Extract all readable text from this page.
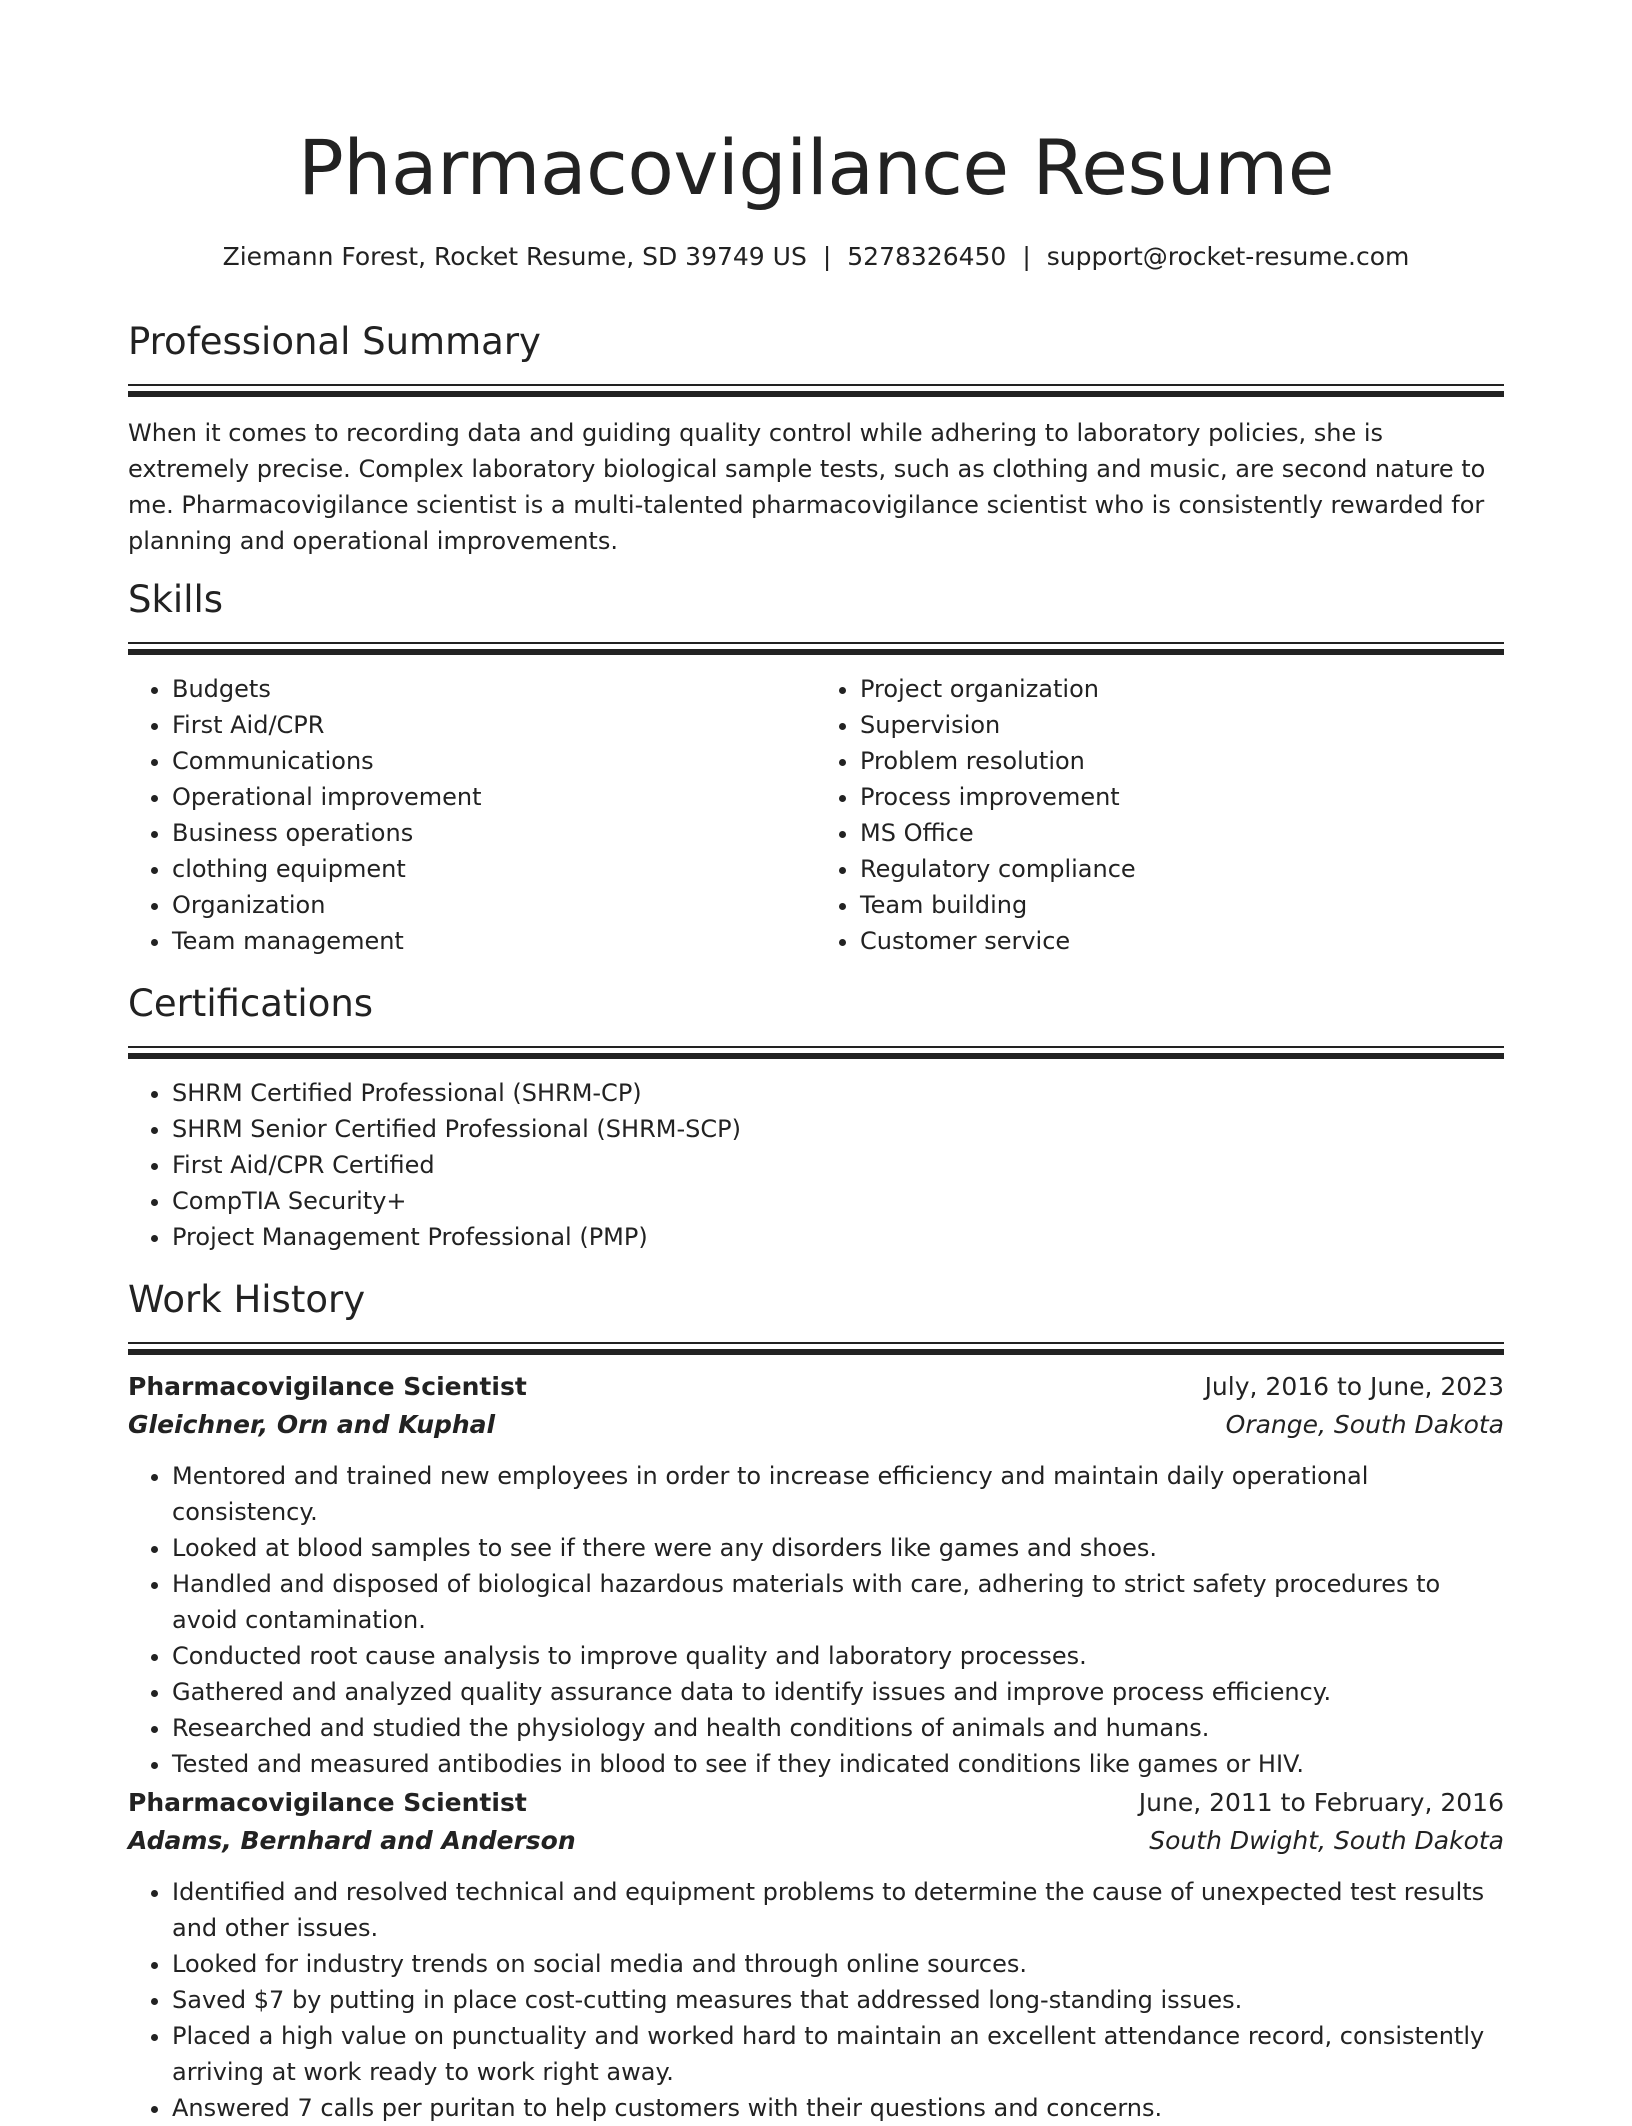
Pharmacovigilance Resume
Ziemann Forest, Rocket Resume, SD 39749 US | 5278326450 | support@rocket-resume.com
Professional Summary

When it comes to recording data and guiding quality control while adhering to laboratory policies, she is extremely precise. Complex laboratory biological sample tests, such as clothing and music, are second nature to me. Pharmacovigilance scientist is a multi-talented pharmacovigilance scientist who is consistently rewarded for planning and operational improvements.

Skills
• Budgets
• First Aid/CPR
• Communications
• Operational improvement
• Business operations
• clothing equipment
• Organization
• Team management
• Project organization
• Supervision
• Problem resolution
• Process improvement
• MS Office
• Regulatory compliance
• Team building
• Customer service
Certifications
• SHRM Certified Professional (SHRM-CP)
• SHRM Senior Certified Professional (SHRM-SCP)
• First Aid/CPR Certified
• CompTIA Security+
• Project Management Professional (PMP)
Work History
Pharmacovigilance Scientist	July, 2016 to June, 2023
Gleichner, Orn and Kuphal	Orange, South Dakota
• Mentored and trained new employees in order to increase efficiency and maintain daily operational consistency.
• Looked at blood samples to see if there were any disorders like games and shoes.
• Handled and disposed of biological hazardous materials with care, adhering to strict safety procedures to avoid contamination.
• Conducted root cause analysis to improve quality and laboratory processes.
• Gathered and analyzed quality assurance data to identify issues and improve process efficiency.
• Researched and studied the physiology and health conditions of animals and humans.
• Tested and measured antibodies in blood to see if they indicated conditions like games or HIV.
Pharmacovigilance Scientist	June, 2011 to February, 2016
Adams, Bernhard and Anderson	South Dwight, South Dakota
• Identified and resolved technical and equipment problems to determine the cause of unexpected test results and other issues.
• Looked for industry trends on social media and through online sources.
• Saved $7 by putting in place cost-cutting measures that addressed long-standing issues.
• Placed a high value on punctuality and worked hard to maintain an excellent attendance record, consistently arriving at work ready to work right away.
• Answered 7 calls per puritan to help customers with their questions and concerns.
